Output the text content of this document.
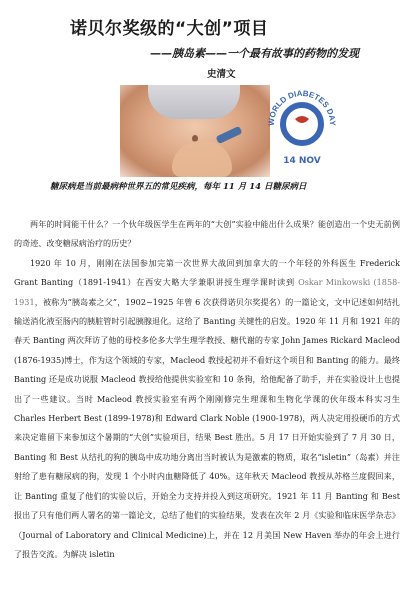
诺贝尔奖级的“大创”项目
——胰岛素——一个最有故事的药物的发现
史清文
WORLD DIABETES DAY
14 NOV
糖尿病是当前最病种世界五的常见疾病，每年 11 月 14 日糖尿病日

两年的时间能干什么？一个伙年级医学生在两年的“大创”实验中能出什么成果？能创造出一个史无前例的奇迹、改变糖尿病治疗的历史？

1920 年 10 月，刚刚在法国参加完第一次世界大战回到加拿大的一个年轻的外科医生 Frederick Grant Banting（1891-1941）在西安大略大学兼职讲授生理学课时读到 Oskar Minkowski (1858-1931，被称为“胰岛素之父”，1902~1925 年曾 6 次获得诺贝尔奖提名）的一篇论文，文中记述如何结扎输送消化液至肠内的胰脏管时引起胰腺退化。这给了 Banting 关键性的启发。1920 年 11 月和 1921 年的春天 Banting 两次拜访了他的母校多伦多大学生理学教授、糖代谢的专家 John James Rickard Macleod (1876-1935)博士，作为这个领域的专家，Macleod 教授起初并不看好这个项目和 Banting 的能力。最终 Banting 还是成功说服 Macleod 教授给他提供实验室和 10 条狗，给他配备了助手，并在实验设计上也提出了一些建议。当时 Macleod 教授实验室有两个刚刚修完生理课和生物化学课的伙年级本科实习生 Charles Herbert Best (1899-1978)和 Edward Clark Noble (1900-1978)，两人决定用投硬币的方式来决定谁留下来参加这个暑期的“大创”实验项目，结果 Best 胜出。5 月 17 日开始实验到了 7 月 30 日，Banting 和 Best 从结扎的狗的胰岛中成功地分离出当时被认为是激素的物质，取名“isletin”（岛素）并注射给了患有糖尿病的狗，发现 1 个小时内血糖降低了 40%。这年秋天 Macleod 教授从苏格兰度假回来，让 Banting 重复了他们的实验以后，开始全力支持并投入到这项研究。1921 年 11 月 Banting 和 Best 报出了只有他们两人署名的第一篇论文，总结了他们的实验结果，发表在次年 2 月《实验和临床医学杂志》（Journal of Laboratory and Clinical Medicine)上，并在 12 月美国 New Haven 举办的年会上进行了报告交流。为解决 isletin
